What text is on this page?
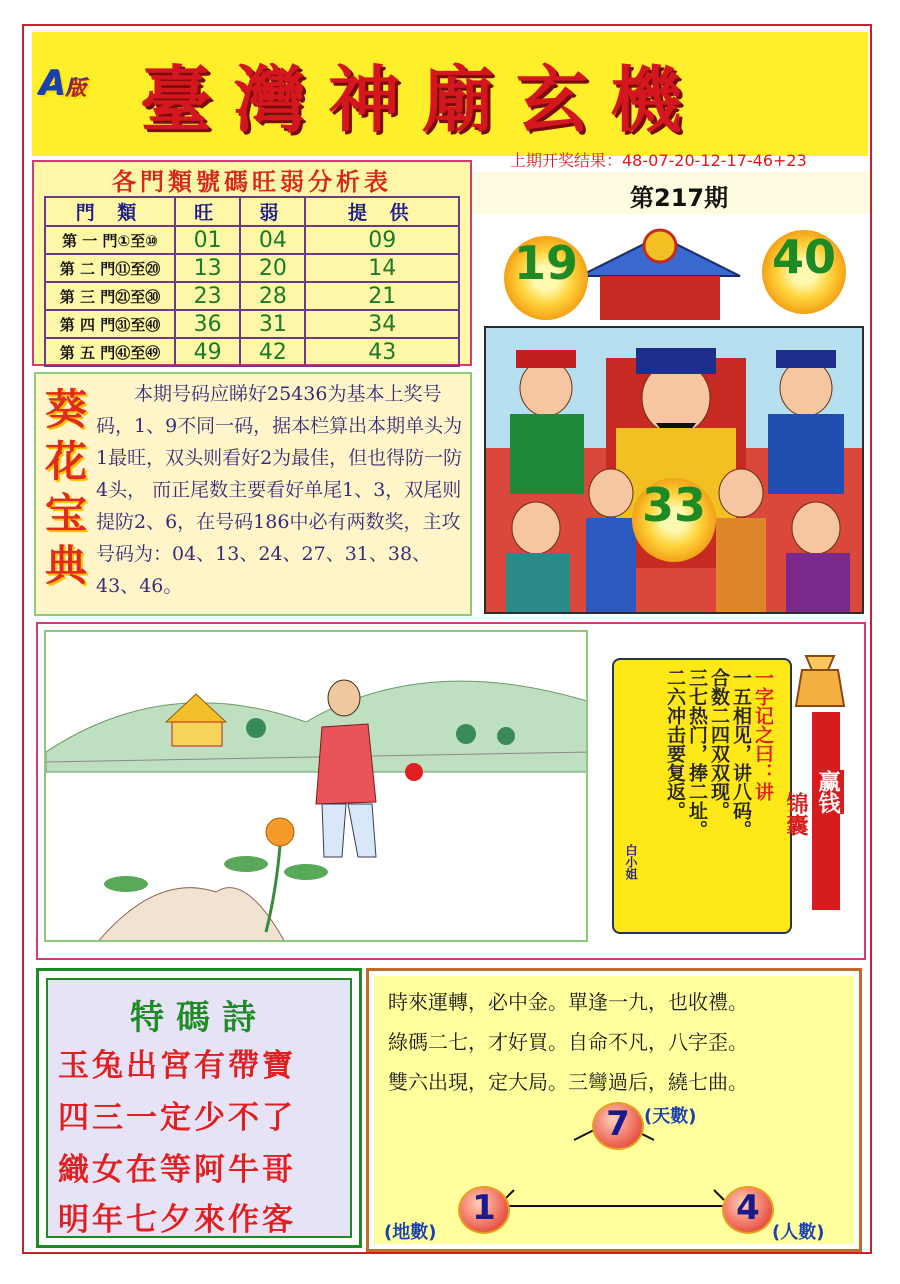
A版 臺灣神廟玄機
上期开奖结果：48-07-20-12-17-46+23
第217期
各門類號碼旺弱分析表
門 類	旺	弱	提 供
第 一 門①至⑩	01	04	09
第 二 門⑪至⑳	13	20	14
第 三 門㉑至㉚	23	28	21
第 四 門㉛至㊵	36	31	34
第 五 門㊶至㊾	49	42	43
葵花宝典
本期号码应睇好25436为基本上奖号码，1、9不同一码，据本栏算出本期单头为1最旺，双头则看好2为最佳，但也得防一防4头， 而正尾数主要看好单尾1、3，双尾则提防2、6，在号码186中必有两数奖，主攻号码为：04、13、24、27、31、38、43、46。
19	40
33
一字记之曰：讲
一五相见，讲八码。
合数二四双双现。
三七热门，捧二址。
二六冲击要复返。
白小姐
赢钱
锦囊
特碼詩
玉兔出宮有帶寶
四三一定少不了
織女在等阿牛哥
明年七夕來作客
時來運轉，必中金。單逢一九，也收禮。
綠碼二七，才好買。自命不凡，八字歪。
雙六出現，定大局。三彎過后，繞七曲。
7 (天數)
1
(地數)
4
(人數)
